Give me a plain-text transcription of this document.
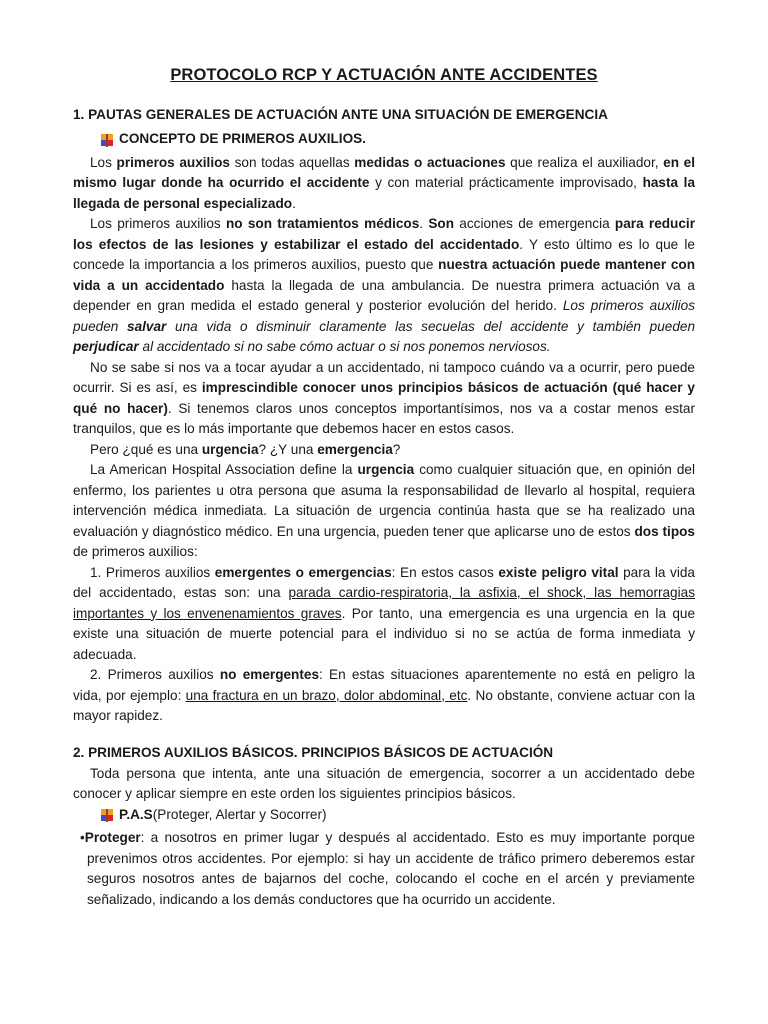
PROTOCOLO RCP Y ACTUACIÓN ANTE ACCIDENTES
1. PAUTAS GENERALES DE ACTUACIÓN ANTE UNA SITUACIÓN DE EMERGENCIA
CONCEPTO DE PRIMEROS AUXILIOS.

Los primeros auxilios son todas aquellas medidas o actuaciones que realiza el auxiliador, en el mismo lugar donde ha ocurrido el accidente y con material prácticamente improvisado, hasta la llegada de personal especializado.

Los primeros auxilios no son tratamientos médicos. Son acciones de emergencia para reducir los efectos de las lesiones y estabilizar el estado del accidentado. Y esto último es lo que le concede la importancia a los primeros auxilios, puesto que nuestra actuación puede mantener con vida a un accidentado hasta la llegada de una ambulancia. De nuestra primera actuación va a depender en gran medida el estado general y posterior evolución del herido. Los primeros auxilios pueden salvar una vida o disminuir claramente las secuelas del accidente y también pueden perjudicar al accidentado si no sabe cómo actuar o si nos ponemos nerviosos.

No se sabe si nos va a tocar ayudar a un accidentado, ni tampoco cuándo va a ocurrir, pero puede ocurrir. Si es así, es imprescindible conocer unos principios básicos de actuación (qué hacer y qué no hacer). Si tenemos claros unos conceptos importantísimos, nos va a costar menos estar tranquilos, que es lo más importante que debemos hacer en estos casos.

Pero ¿qué es una urgencia? ¿Y una emergencia?

La American Hospital Association define la urgencia como cualquier situación que, en opinión del enfermo, los parientes u otra persona que asuma la responsabilidad de llevarlo al hospital, requiera intervención médica inmediata. La situación de urgencia continúa hasta que se ha realizado una evaluación y diagnóstico médico. En una urgencia, pueden tener que aplicarse uno de estos dos tipos de primeros auxilios:

1. Primeros auxilios emergentes o emergencias: En estos casos existe peligro vital para la vida del accidentado, estas son: una parada cardio-respiratoria, la asfixia, el shock, las hemorragias importantes y los envenenamientos graves. Por tanto, una emergencia es una urgencia en la que existe una situación de muerte potencial para el individuo si no se actúa de forma inmediata y adecuada.

2. Primeros auxilios no emergentes: En estas situaciones aparentemente no está en peligro la vida, por ejemplo: una fractura en un brazo, dolor abdominal, etc. No obstante, conviene actuar con la mayor rapidez.

2. PRIMEROS AUXILIOS BÁSICOS. PRINCIPIOS BÁSICOS DE ACTUACIÓN

Toda persona que intenta, ante una situación de emergencia, socorrer a un accidentado debe conocer y aplicar siempre en este orden los siguientes principios básicos.

P.A.S (Proteger, Alertar y Socorrer)

•Proteger: a nosotros en primer lugar y después al accidentado. Esto es muy importante porque prevenimos otros accidentes. Por ejemplo: si hay un accidente de tráfico primero deberemos estar seguros nosotros antes de bajarnos del coche, colocando el coche en el arcén y previamente señalizado, indicando a los demás conductores que ha ocurrido un accidente.
